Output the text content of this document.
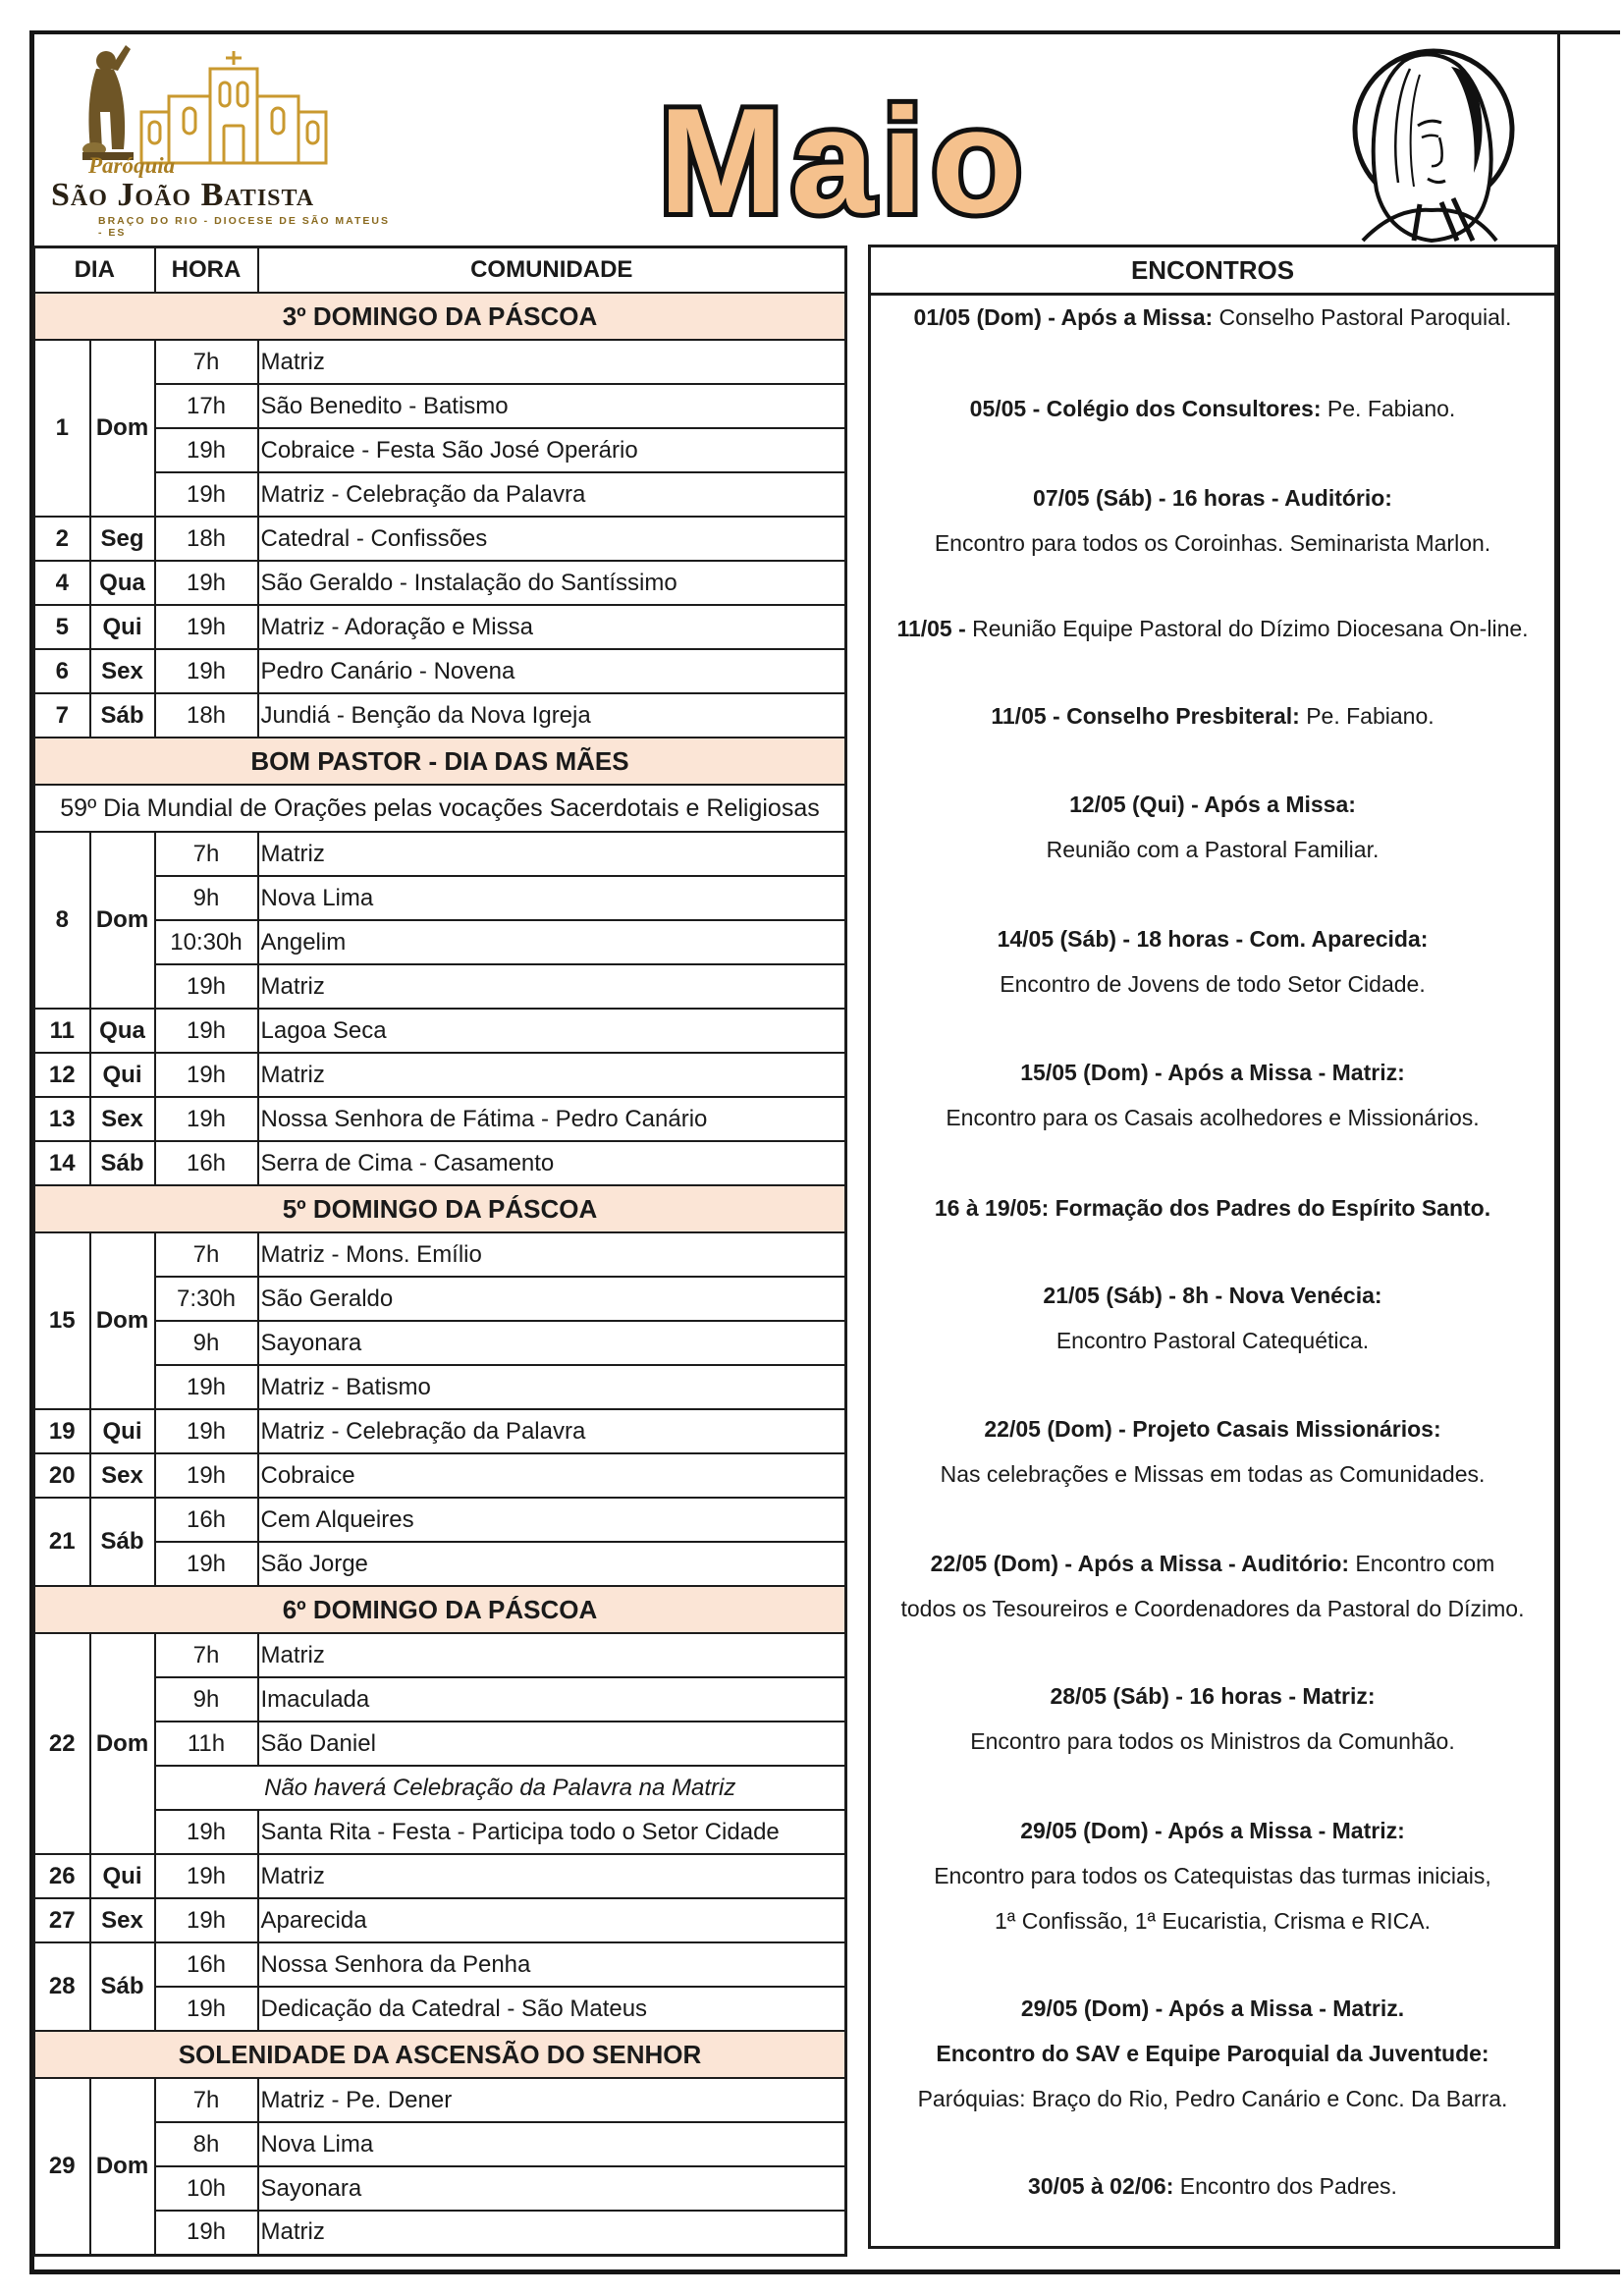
Paróquia
São João Batista
BRAÇO DO RIO - DIOCESE DE SÃO MATEUS - ES	Maio
DIA		HORA	COMUNIDADE
3º DOMINGO DA PÁSCOA			
1	Dom	7h	Matriz
		17h	São Benedito - Batismo
		19h	Cobraice - Festa São José Operário
		19h	Matriz - Celebração da Palavra
2	Seg	18h	Catedral - Confissões
4	Qua	19h	São Geraldo - Instalação do Santíssimo
5	Qui	19h	Matriz - Adoração e Missa
6	Sex	19h	Pedro Canário - Novena
7	Sáb	18h	Jundiá - Benção da Nova Igreja
BOM PASTOR - DIA DAS MÃES			
59º Dia Mundial de Orações pelas vocações Sacerdotais e Religiosas			
8	Dom	7h	Matriz
		9h	Nova Lima
		10:30h	Angelim
		19h	Matriz
11	Qua	19h	Lagoa Seca
12	Qui	19h	Matriz
13	Sex	19h	Nossa Senhora de Fátima - Pedro Canário
14	Sáb	16h	Serra de Cima - Casamento
5º DOMINGO DA PÁSCOA			
15	Dom	7h	Matriz - Mons. Emílio
		7:30h	São Geraldo
		9h	Sayonara
		19h	Matriz - Batismo
19	Qui	19h	Matriz - Celebração da Palavra
20	Sex	19h	Cobraice
21	Sáb	16h	Cem Alqueires
		19h	São Jorge
6º DOMINGO DA PÁSCOA			
22	Dom	7h	Matriz
		9h	Imaculada
		11h	São Daniel
		Não haverá Celebração da Palavra na Matriz	
		19h	Santa Rita - Festa - Participa todo o Setor Cidade
26	Qui	19h	Matriz
27	Sex	19h	Aparecida
28	Sáb	16h	Nossa Senhora da Penha
		19h	Dedicação da Catedral - São Mateus
SOLENIDADE DA ASCENSÃO DO SENHOR			
29	Dom	7h	Matriz - Pe. Dener
		8h	Nova Lima
		10h	Sayonara
		19h	Matriz
ENCONTROS
01/05 (Dom) - Após a Missa: Conselho Pastoral Paroquial.
05/05 - Colégio dos Consultores: Pe. Fabiano.
07/05 (Sáb) - 16 horas - Auditório:
Encontro para todos os Coroinhas. Seminarista Marlon.
11/05 - Reunião Equipe Pastoral do Dízimo Diocesana On-line.
11/05 - Conselho Presbiteral: Pe. Fabiano.
12/05 (Qui) - Após a Missa:
Reunião com a Pastoral Familiar.
14/05 (Sáb) - 18 horas - Com. Aparecida:
Encontro de Jovens de todo Setor Cidade.
15/05 (Dom) - Após a Missa - Matriz:
Encontro para os Casais acolhedores e Missionários.
16 à 19/05: Formação dos Padres do Espírito Santo.
21/05 (Sáb) - 8h - Nova Venécia:
Encontro Pastoral Catequética.
22/05 (Dom) - Projeto Casais Missionários:
Nas celebrações e Missas em todas as Comunidades.
22/05 (Dom) - Após a Missa - Auditório: Encontro com
todos os Tesoureiros e Coordenadores da Pastoral do Dízimo.
28/05 (Sáb) - 16 horas - Matriz:
Encontro para todos os Ministros da Comunhão.
29/05 (Dom) - Após a Missa - Matriz:
Encontro para todos os Catequistas das turmas iniciais,
1ª Confissão, 1ª Eucaristia, Crisma e RICA.
29/05 (Dom) - Após a Missa - Matriz.
Encontro do SAV e Equipe Paroquial da Juventude:
Paróquias: Braço do Rio, Pedro Canário e Conc. Da Barra.
30/05 à 02/06: Encontro dos Padres.
